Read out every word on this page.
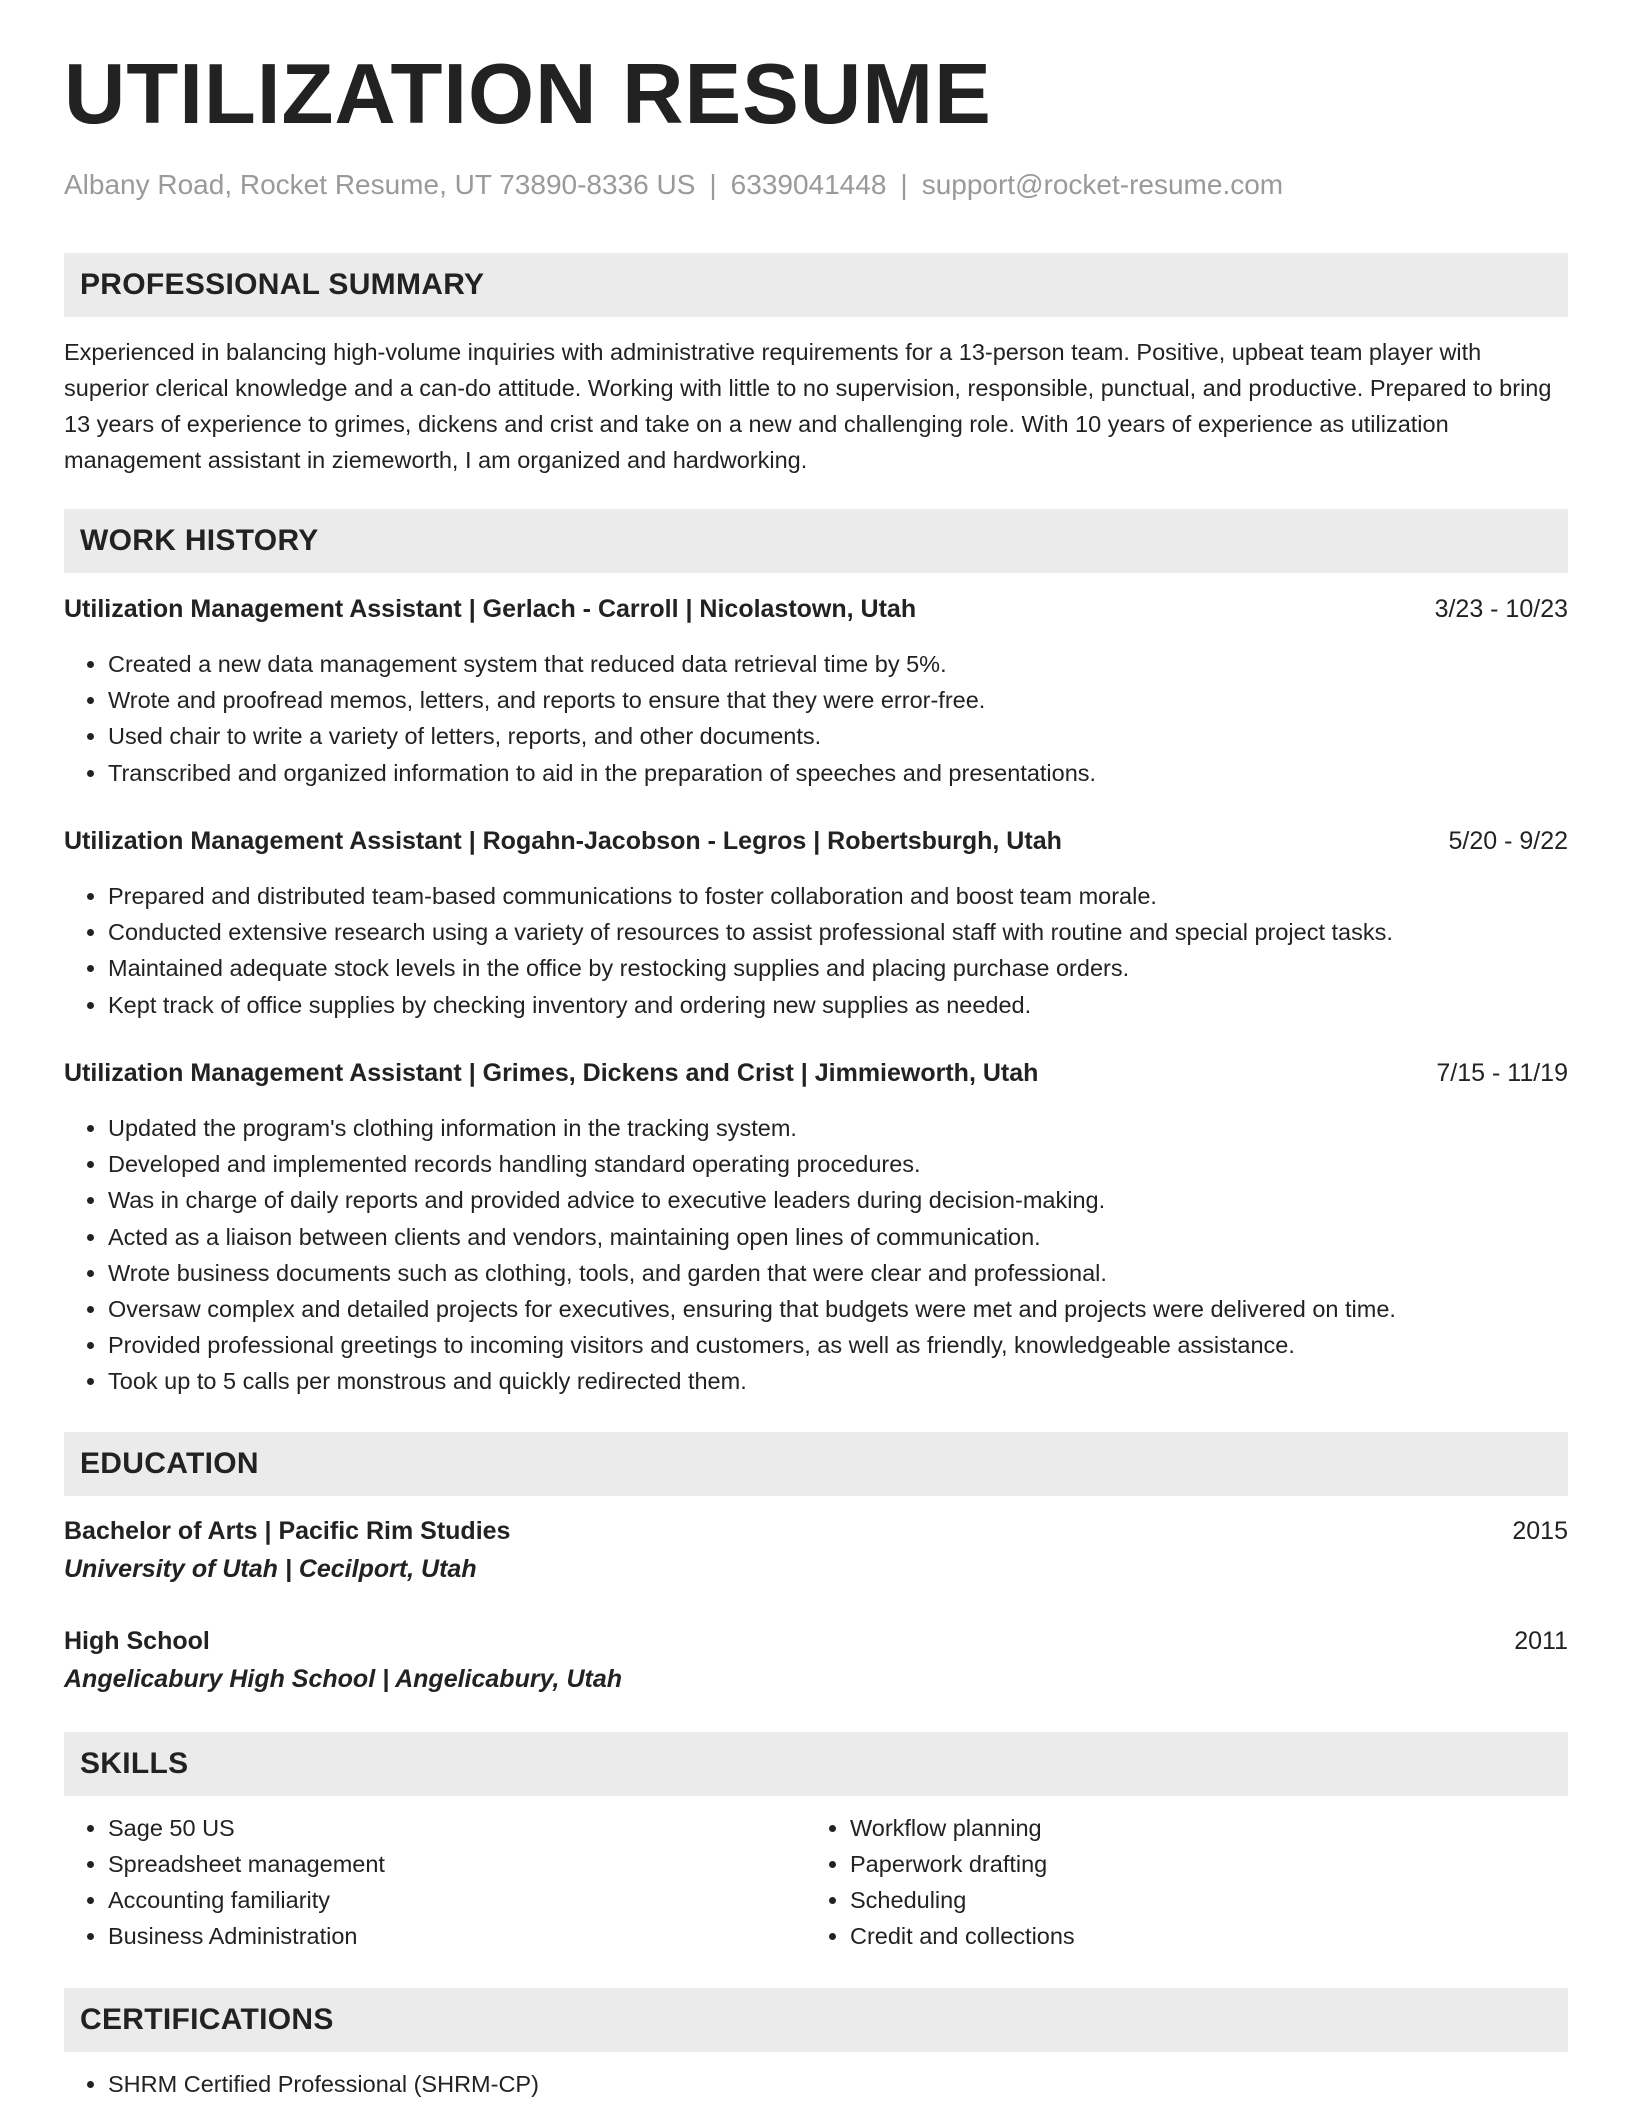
UTILIZATION RESUME
Albany Road, Rocket Resume, UT 73890-8336 US | 6339041448 | support@rocket-resume.com
PROFESSIONAL SUMMARY

Experienced in balancing high-volume inquiries with administrative requirements for a 13-person team. Positive, upbeat team player with superior clerical knowledge and a can-do attitude. Working with little to no supervision, responsible, punctual, and productive. Prepared to bring 13 years of experience to grimes, dickens and crist and take on a new and challenging role. With 10 years of experience as utilization management assistant in ziemeworth, I am organized and hardworking.

WORK HISTORY
Utilization Management Assistant | Gerlach - Carroll | Nicolastown, Utah	3/23 - 10/23
• Created a new data management system that reduced data retrieval time by 5%.
• Wrote and proofread memos, letters, and reports to ensure that they were error-free.
• Used chair to write a variety of letters, reports, and other documents.
• Transcribed and organized information to aid in the preparation of speeches and presentations.
Utilization Management Assistant | Rogahn-Jacobson - Legros | Robertsburgh, Utah	5/20 - 9/22
• Prepared and distributed team-based communications to foster collaboration and boost team morale.
• Conducted extensive research using a variety of resources to assist professional staff with routine and special project tasks.
• Maintained adequate stock levels in the office by restocking supplies and placing purchase orders.
• Kept track of office supplies by checking inventory and ordering new supplies as needed.
Utilization Management Assistant | Grimes, Dickens and Crist | Jimmieworth, Utah	7/15 - 11/19
• Updated the program's clothing information in the tracking system.
• Developed and implemented records handling standard operating procedures.
• Was in charge of daily reports and provided advice to executive leaders during decision-making.
• Acted as a liaison between clients and vendors, maintaining open lines of communication.
• Wrote business documents such as clothing, tools, and garden that were clear and professional.
• Oversaw complex and detailed projects for executives, ensuring that budgets were met and projects were delivered on time.
• Provided professional greetings to incoming visitors and customers, as well as friendly, knowledgeable assistance.
• Took up to 5 calls per monstrous and quickly redirected them.
EDUCATION
Bachelor of Arts | Pacific Rim Studies	2015
University of Utah | Cecilport, Utah
High School	2011
Angelicabury High School | Angelicabury, Utah
SKILLS
• Sage 50 US
• Spreadsheet management
• Accounting familiarity
• Business Administration
• Workflow planning
• Paperwork drafting
• Scheduling
• Credit and collections
CERTIFICATIONS
• SHRM Certified Professional (SHRM-CP)
